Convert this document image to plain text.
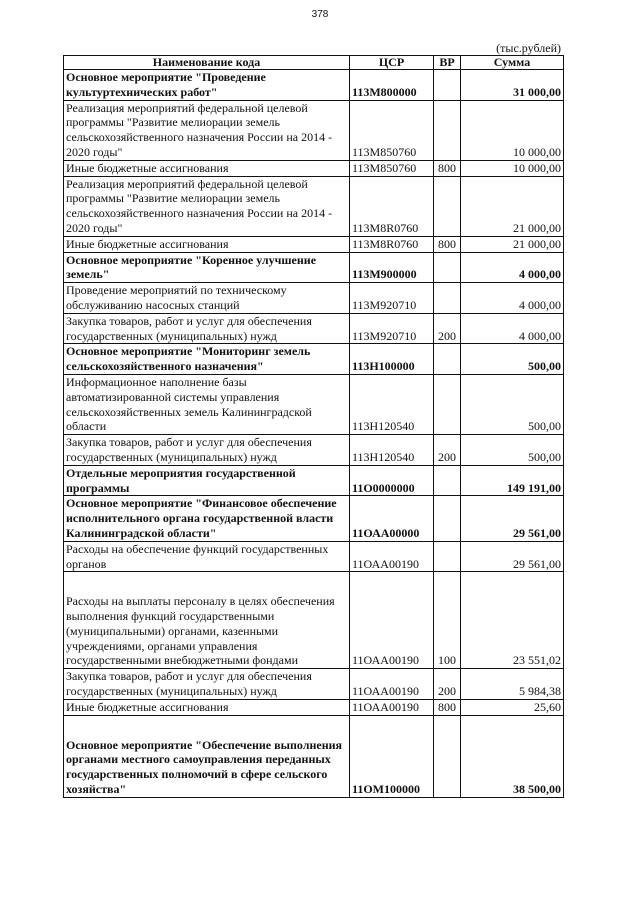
378
(тыс.рублей)
Наименование кода	ЦСР	ВР	Сумма
Основное мероприятие "Проведение культуртехнических работ"	113М800000		31 000,00
Реализация мероприятий федеральной целевой программы "Развитие мелиорации земель сельскохозяйственного назначения России на 2014 - 2020 годы"	113М850760		10 000,00
Иные бюджетные ассигнования	113М850760	800	10 000,00
Реализация мероприятий федеральной целевой программы "Развитие мелиорации земель сельскохозяйственного назначения России на 2014 - 2020 годы"	113М8R0760		21 000,00
Иные бюджетные ассигнования	113М8R0760	800	21 000,00
Основное мероприятие "Коренное улучшение земель"	113М900000		4 000,00
Проведение мероприятий по техническому обслуживанию насосных станций	113М920710		4 000,00
Закупка товаров, работ и услуг для обеспечения государственных (муниципальных) нужд	113М920710	200	4 000,00
Основное мероприятие "Мониторинг земель сельскохозяйственного назначения"	113Н100000		500,00
Информационное наполнение базы автоматизированной системы управления сельскохозяйственных земель Калининградской области	113Н120540		500,00
Закупка товаров, работ и услуг для обеспечения государственных (муниципальных) нужд	113Н120540	200	500,00
Отдельные мероприятия государственной программы	11О0000000		149 191,00
Основное мероприятие "Финансовое обеспечение исполнительного органа государственной власти Калининградской области"	11ОАА00000		29 561,00
Расходы на обеспечение функций государственных органов	11ОАА00190		29 561,00
Расходы на выплаты персоналу в целях обеспечения выполнения функций государственными (муниципальными) органами, казенными учреждениями, органами управления государственными внебюджетными фондами	11ОАА00190	100	23 551,02
Закупка товаров, работ и услуг для обеспечения государственных (муниципальных) нужд	11ОАА00190	200	5 984,38
Иные бюджетные ассигнования	11ОАА00190	800	25,60
Основное мероприятие "Обеспечение выполнения органами местного самоуправления переданных государственных полномочий в сфере сельского хозяйства"	11ОМ100000		38 500,00
